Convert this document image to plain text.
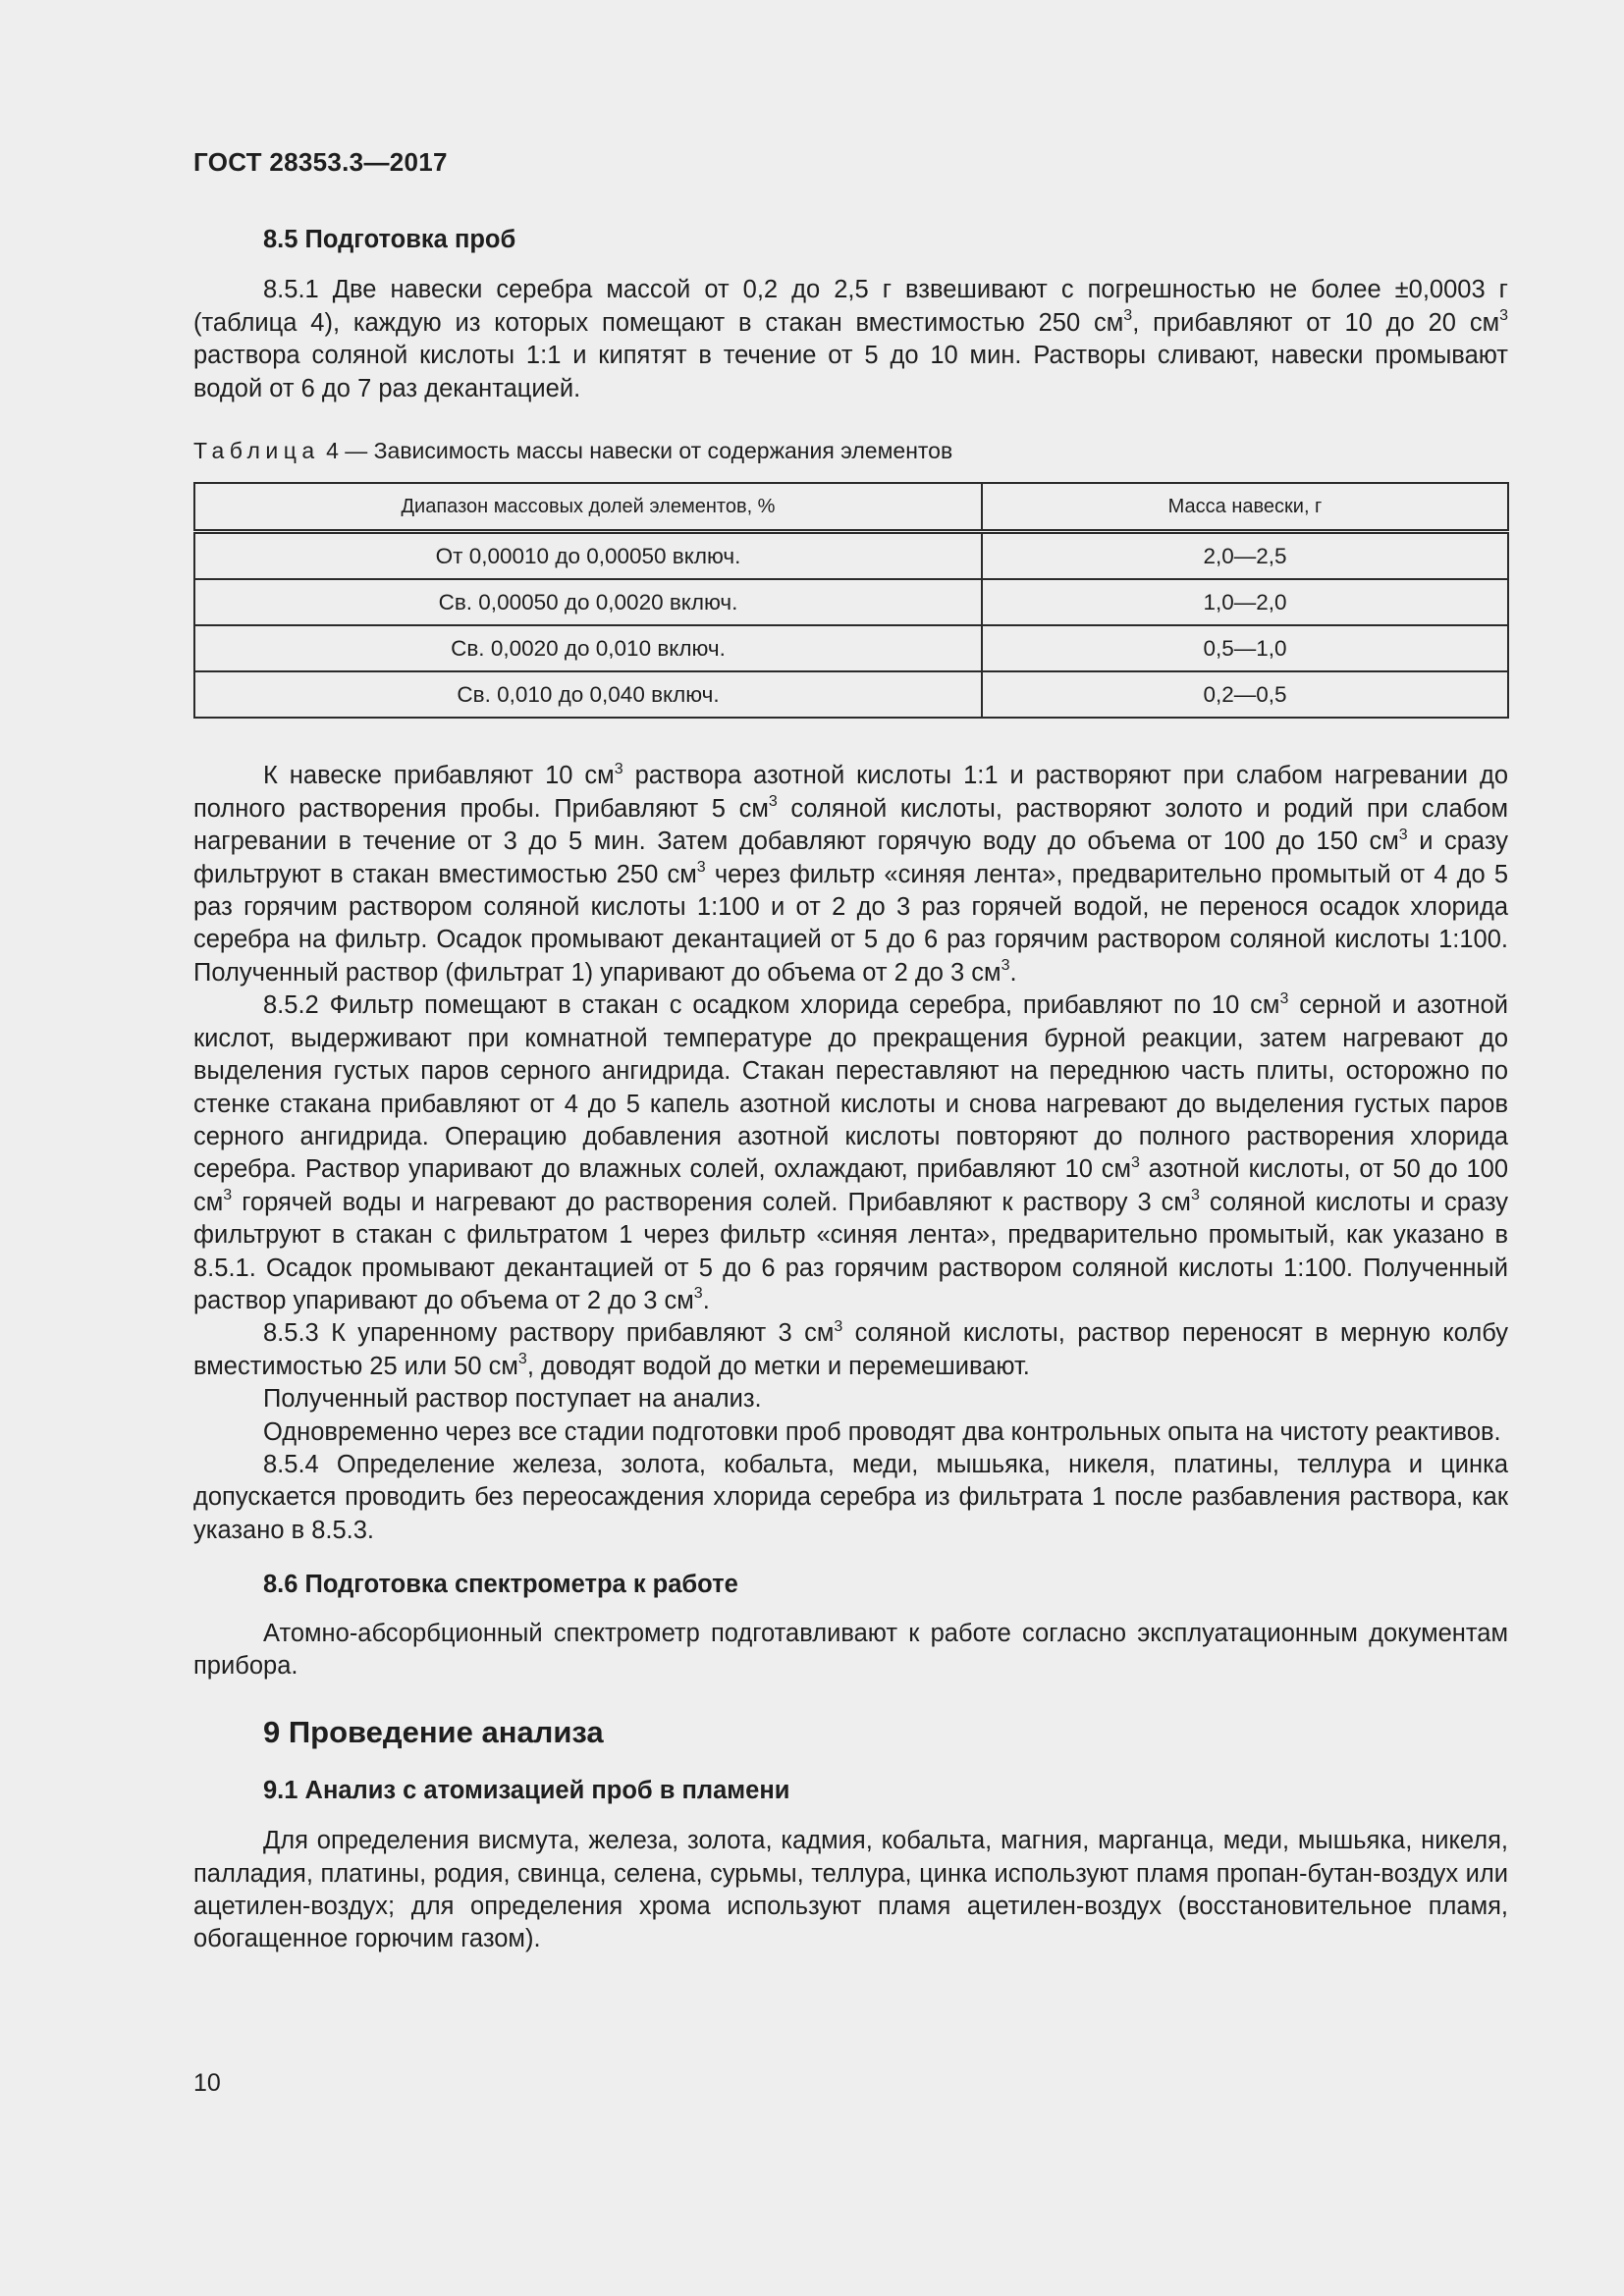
ГОСТ 28353.3—2017

8.5 Подготовка проб

8.5.1 Две навески серебра массой от 0,2 до 2,5 г взвешивают с погрешностью не более ±0,0003 г (таблица 4), каждую из которых помещают в стакан вместимостью 250 $см^3$, прибавляют от 10 до 20 $см^3$ раствора соляной кислоты 1:1 и кипятят в течение от 5 до 10 мин. Растворы сливают, навески промывают водой от 6 до 7 раз декантацией.

Таблица 4 — Зависимость массы навески от содержания элементов

Диапазон массовых долей элементов, %	Масса навески, г
От 0,00010 до 0,00050 включ.	2,0—2,5
Св. 0,00050 до 0,0020 включ.	1,0—2,0
Св. 0,0020 до 0,010 включ.	0,5—1,0
Св. 0,010 до 0,040 включ.	0,2—0,5

К навеске прибавляют 10 $см^3$ раствора азотной кислоты 1:1 и растворяют при слабом нагревании до полного растворения пробы. Прибавляют 5 $см^3$ соляной кислоты, растворяют золото и родий при слабом нагревании в течение от 3 до 5 мин. Затем добавляют горячую воду до объема от 100 до 150 $см^3$ и сразу фильтруют в стакан вместимостью 250 $см^3$ через фильтр «синяя лента», предварительно промытый от 4 до 5 раз горячим раствором соляной кислоты 1:100 и от 2 до 3 раз горячей водой, не перенося осадок хлорида серебра на фильтр. Осадок промывают декантацией от 5 до 6 раз горячим раствором соляной кислоты 1:100. Полученный раствор (фильтрат 1) упаривают до объема от 2 до 3 $см^3$.

8.5.2 Фильтр помещают в стакан с осадком хлорида серебра, прибавляют по 10 $см^3$ серной и азотной кислот, выдерживают при комнатной температуре до прекращения бурной реакции, затем нагревают до выделения густых паров серного ангидрида. Стакан переставляют на переднюю часть плиты, осторожно по стенке стакана прибавляют от 4 до 5 капель азотной кислоты и снова нагревают до выделения густых паров серного ангидрида. Операцию добавления азотной кислоты повторяют до полного растворения хлорида серебра. Раствор упаривают до влажных солей, охлаждают, прибавляют 10 $см^3$ азотной кислоты, от 50 до 100 $см^3$ горячей воды и нагревают до растворения солей. Прибавляют к раствору 3 $см^3$ соляной кислоты и сразу фильтруют в стакан с фильтратом 1 через фильтр «синяя лента», предварительно промытый, как указано в 8.5.1. Осадок промывают декантацией от 5 до 6 раз горячим раствором соляной кислоты 1:100. Полученный раствор упаривают до объема от 2 до 3 $см^3$.

8.5.3 К упаренному раствору прибавляют 3 $см^3$ соляной кислоты, раствор переносят в мерную колбу вместимостью 25 или 50 $см^3$, доводят водой до метки и перемешивают.

Полученный раствор поступает на анализ.

Одновременно через все стадии подготовки проб проводят два контрольных опыта на чистоту реактивов.

8.5.4 Определение железа, золота, кобальта, меди, мышьяка, никеля, платины, теллура и цинка допускается проводить без переосаждения хлорида серебра из фильтрата 1 после разбавления раствора, как указано в 8.5.3.

8.6 Подготовка спектрометра к работе

Атомно-абсорбционный спектрометр подготавливают к работе согласно эксплуатационным документам прибора.

9 Проведение анализа

9.1 Анализ с атомизацией проб в пламени

Для определения висмута, железа, золота, кадмия, кобальта, магния, марганца, меди, мышьяка, никеля, палладия, платины, родия, свинца, селена, сурьмы, теллура, цинка используют пламя пропан-бутан-воздух или ацетилен-воздух; для определения хрома используют пламя ацетилен-воздух (восстановительное пламя, обогащенное горючим газом).

10
